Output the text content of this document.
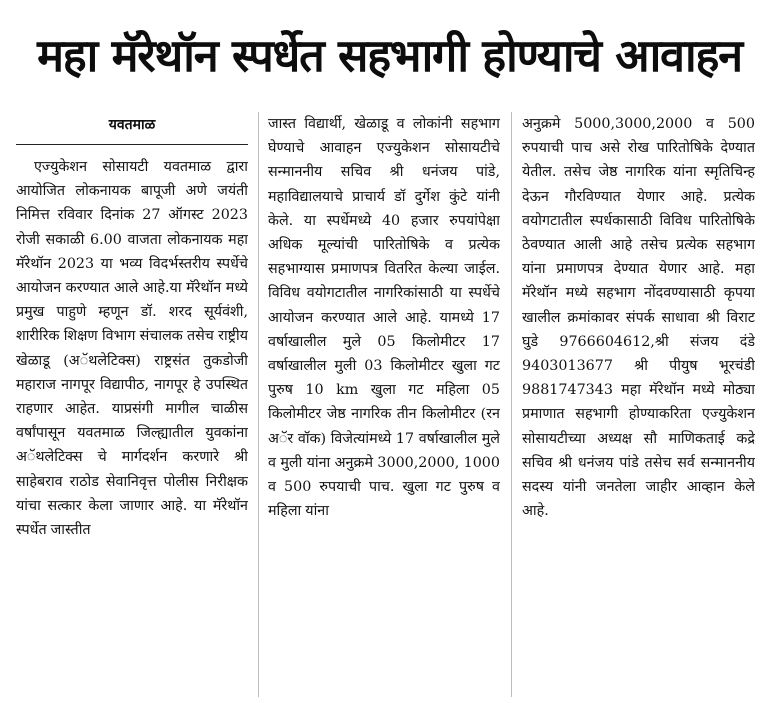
महा मॅरेथॉन स्पर्धेत सहभागी होण्याचे आवाहन
यवतमाळ

एज्युकेशन सोसायटी यवतमाळ द्वारा आयोजित लोकनायक बापूजी अणे जयंती निमित्त रविवार दिनांक 27 ऑगस्ट 2023 रोजी सकाळी 6.00 वाजता लोकनायक महा मॅरेथॉन 2023 या भव्य विदर्भस्तरीय स्पर्धेचे आयोजन करण्यात आले आहे.या मॅरेथॉन मध्ये प्रमुख पाहुणे म्हणून डॉ. शरद सूर्यवंशी, शारीरिक शिक्षण विभाग संचालक तसेच राष्ट्रीय खेळाडू (अॅथलेटिक्स) राष्ट्रसंत तुकडोजी महाराज नागपूर विद्यापीठ, नागपूर हे उपस्थित राहणार आहेत. याप्रसंगी मागील चाळीस वर्षांपासून यवतमाळ जिल्ह्यातील युवकांना अॅथलेटिक्स चे मार्गदर्शन करणारे श्री साहेबराव राठोड सेवानिवृत्त पोलीस निरीक्षक यांचा सत्कार केला जाणार आहे. या मॅरेथॉन स्पर्धेत जास्तीत

जास्त विद्यार्थी, खेळाडू व लोकांनी सहभाग घेण्याचे आवाहन एज्युकेशन सोसायटीचे सन्माननीय सचिव श्री धनंजय पांडे, महाविद्यालयाचे प्राचार्य डॉ दुर्गेश कुंटे यांनी केले. या स्पर्धेमध्ये 40 हजार रुपयांपेक्षा अधिक मूल्यांची पारितोषिके व प्रत्येक सहभाग्यास प्रमाणपत्र वितरित केल्या जाईल. विविध वयोगटातील नागरिकांसाठी या स्पर्धेचे आयोजन करण्यात आले आहे. यामध्ये 17 वर्षाखालील मुले 05 किलोमीटर 17 वर्षाखालील मुली 03 किलोमीटर खुला गट पुरुष 10 km खुला गट महिला 05 किलोमीटर जेष्ठ नागरिक तीन किलोमीटर (रन अॅर वॉक) विजेत्यांमध्ये 17 वर्षाखालील मुले व मुली यांना अनुक्रमे 3000,2000, 1000 व 500 रुपयाची पाच. खुला गट पुरुष व महिला यांना

अनुक्रमे 5000,3000,2000 व 500 रुपयाची पाच असे रोख पारितोषिके देण्यात येतील. तसेच जेष्ठ नागरिक यांना स्मृतिचिन्ह देऊन गौरविण्यात येणार आहे. प्रत्येक वयोगटातील स्पर्धकासाठी विविध पारितोषिके ठेवण्यात आली आहे तसेच प्रत्येक सहभाग यांना प्रमाणपत्र देण्यात येणार आहे. महा मॅरेथॉन मध्ये सहभाग नोंदवण्यासाठी कृपया खालील क्रमांकावर संपर्क साधावा श्री विराट घुडे 9766604612,श्री संजय दंडे 9403013677 श्री पीयुष भूरचंडी 9881747343 महा मॅरेथॉन मध्ये मोठ्या प्रमाणात सहभागी होण्याकरिता एज्युकेशन सोसायटीच्या अध्यक्ष सौ माणिकताई कद्रे सचिव श्री धनंजय पांडे तसेच सर्व सन्माननीय सदस्य यांनी जनतेला जाहीर आव्हान केले आहे.
